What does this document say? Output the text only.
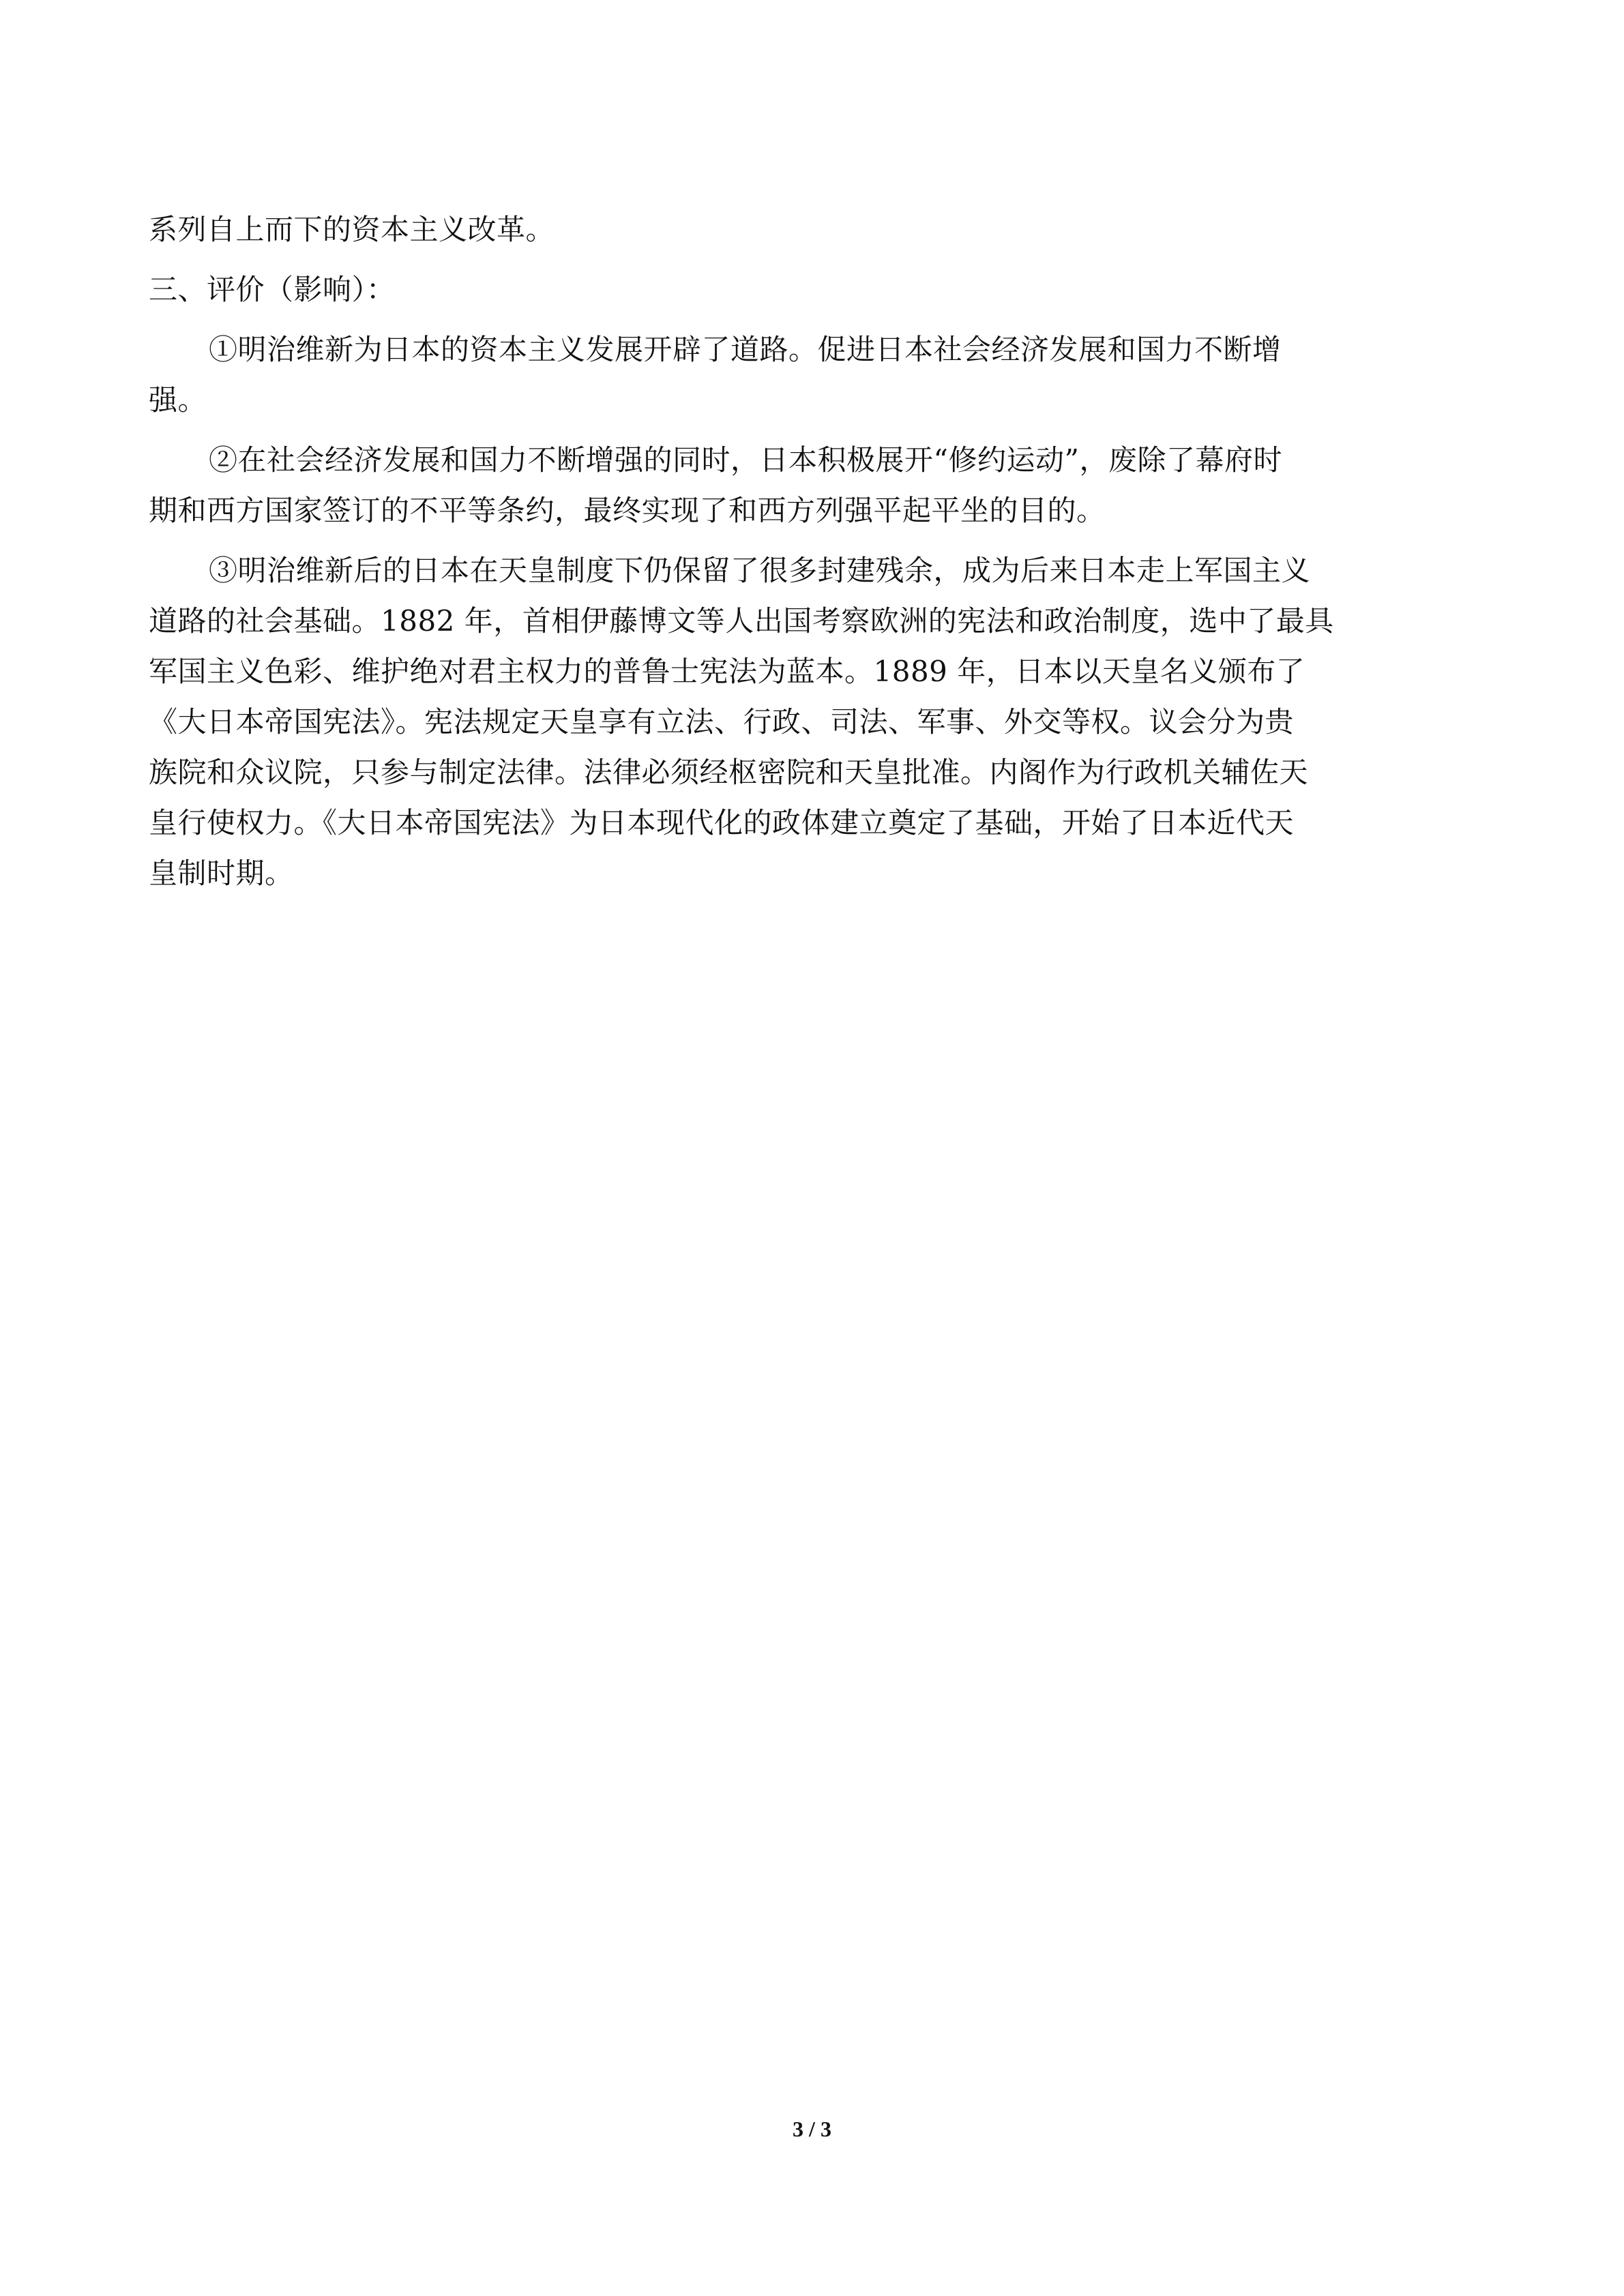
系列自上而下的资本主义改革。
三、评价（影响）：
①明治维新为日本的资本主义发展开辟了道路。促进日本社会经济发展和国力不断增
强。
②在社会经济发展和国力不断增强的同时，日本积极展开“修约运动”，废除了幕府时
期和西方国家签订的不平等条约，最终实现了和西方列强平起平坐的目的。
③明治维新后的日本在天皇制度下仍保留了很多封建残余，成为后来日本走上军国主义
道路的社会基础。1882 年，首相伊藤博文等人出国考察欧洲的宪法和政治制度，选中了最具
军国主义色彩、维护绝对君主权力的普鲁士宪法为蓝本。1889 年，日本以天皇名义颁布了
《大日本帝国宪法》。宪法规定天皇享有立法、行政、司法、军事、外交等权。议会分为贵
族院和众议院，只参与制定法律。法律必须经枢密院和天皇批准。内阁作为行政机关辅佐天
皇行使权力。《大日本帝国宪法》为日本现代化的政体建立奠定了基础，开始了日本近代天
皇制时期。
3 / 3
